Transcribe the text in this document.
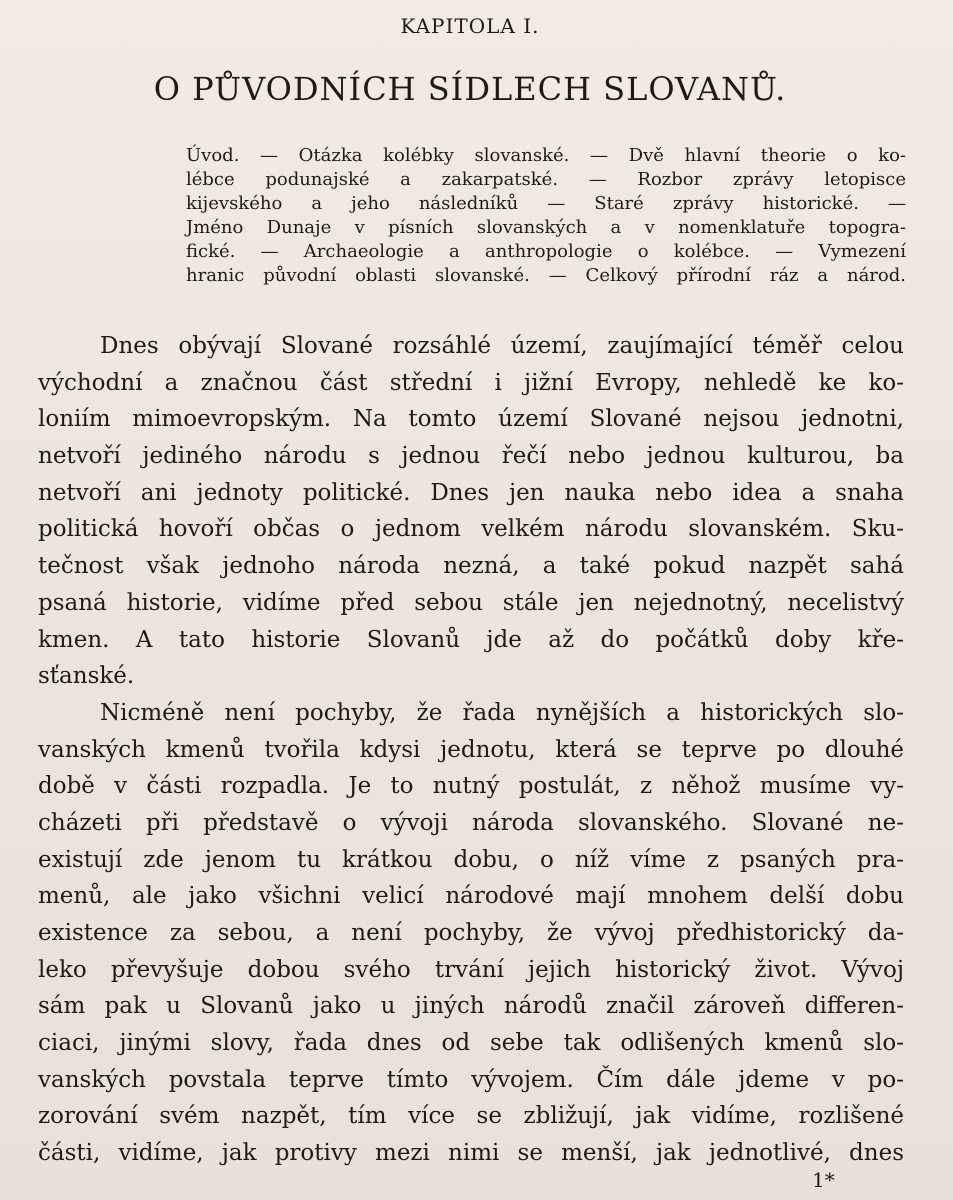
KAPITOLA I.
O PŮVODNÍCH SÍDLECH SLOVANŮ.
Úvod. — Otázka kolébky slovanské. — Dvě hlavní theorie o ko-
lébce podunajské a zakarpatské. — Rozbor zprávy letopisce
kijevského a jeho následníků — Staré zprávy historické. —
Jméno Dunaje v písních slovanských a v nomenklatuře topogra-
fické. — Archaeologie a anthropologie o kolébce. — Vymezení
hranic původní oblasti slovanské. — Celkový přírodní ráz a národ.
Dnes obývají Slované rozsáhlé území, zaujímající téměř celou
východní a značnou část střední i jižní Evropy, nehledě ke ko-
loniím mimoevropským. Na tomto území Slované nejsou jednotni,
netvoří jediného národu s jednou řečí nebo jednou kulturou, ba
netvoří ani jednoty politické. Dnes jen nauka nebo idea a snaha
politická hovoří občas o jednom velkém národu slovanském. Sku-
tečnost však jednoho národa nezná, a také pokud nazpět sahá
psaná historie, vidíme před sebou stále jen nejednotný, necelistvý
kmen. A tato historie Slovanů jde až do počátků doby kře-
sťanské.
Nicméně není pochyby, že řada nynějších a historických slo-
vanských kmenů tvořila kdysi jednotu, která se teprve po dlouhé
době v části rozpadla. Je to nutný postulát, z něhož musíme vy-
cházeti při představě o vývoji národa slovanského. Slované ne-
existují zde jenom tu krátkou dobu, o níž víme z psaných pra-
menů, ale jako všichni velicí národové mají mnohem delší dobu
existence za sebou, a není pochyby, že vývoj předhistorický da-
leko převyšuje dobou svého trvání jejich historický život. Vývoj
sám pak u Slovanů jako u jiných národů značil zároveň differen-
ciaci, jinými slovy, řada dnes od sebe tak odlišených kmenů slo-
vanských povstala teprve tímto vývojem. Čím dále jdeme v po-
zorování svém nazpět, tím více se zbližují, jak vidíme, rozlišené
části, vidíme, jak protivy mezi nimi se menší, jak jednotlivé, dnes
1*
